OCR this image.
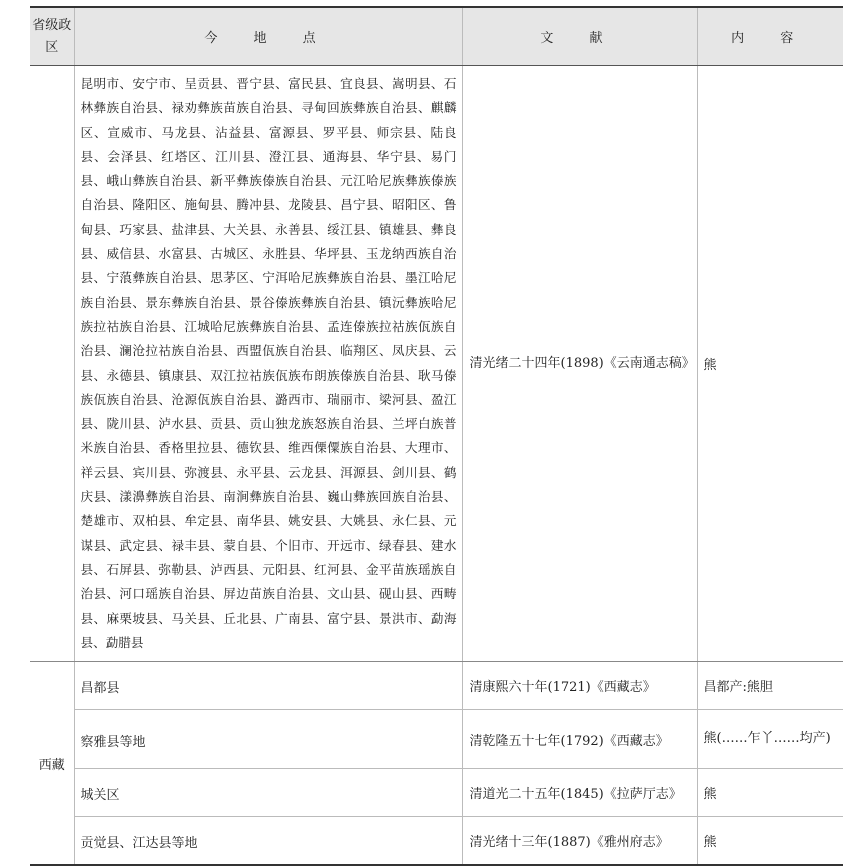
省级政区	今 地 点	文 献	内 容
	昆明市、安宁市、呈贡县、晋宁县、富民县、宜良县、嵩明县、石林彝族自治县、禄劝彝族苗族自治县、寻甸回族彝族自治县、麒麟区、宣威市、马龙县、沾益县、富源县、罗平县、师宗县、陆良县、会泽县、红塔区、江川县、澄江县、通海县、华宁县、易门县、峨山彝族自治县、新平彝族傣族自治县、元江哈尼族彝族傣族自治县、隆阳区、施甸县、腾冲县、龙陵县、昌宁县、昭阳区、鲁甸县、巧家县、盐津县、大关县、永善县、绥江县、镇雄县、彝良县、威信县、水富县、古城区、永胜县、华坪县、玉龙纳西族自治县、宁蒗彝族自治县、思茅区、宁洱哈尼族彝族自治县、墨江哈尼族自治县、景东彝族自治县、景谷傣族彝族自治县、镇沅彝族哈尼族拉祜族自治县、江城哈尼族彝族自治县、孟连傣族拉祜族佤族自治县、澜沧拉祜族自治县、西盟佤族自治县、临翔区、凤庆县、云县、永德县、镇康县、双江拉祜族佤族布朗族傣族自治县、耿马傣族佤族自治县、沧源佤族自治县、潞西市、瑞丽市、梁河县、盈江县、陇川县、泸水县、贡县、贡山独龙族怒族自治县、兰坪白族普米族自治县、香格里拉县、德钦县、维西傈僳族自治县、大理市、祥云县、宾川县、弥渡县、永平县、云龙县、洱源县、剑川县、鹤庆县、漾濞彝族自治县、南涧彝族自治县、巍山彝族回族自治县、楚雄市、双柏县、牟定县、南华县、姚安县、大姚县、永仁县、元谋县、武定县、禄丰县、蒙自县、个旧市、开远市、绿春县、建水县、石屏县、弥勒县、泸西县、元阳县、红河县、金平苗族瑶族自治县、河口瑶族自治县、屏边苗族自治县、文山县、砚山县、西畴县、麻栗坡县、马关县、丘北县、广南县、富宁县、景洪市、勐海县、勐腊县	清光绪二十四年(1898)《云南通志稿》	熊
西藏	昌都县	清康熙六十年(1721)《西藏志》	昌都产:熊胆
	察雅县等地	清乾隆五十七年(1792)《西藏志》	熊(……乍丫……均产)
	城关区	清道光二十五年(1845)《拉萨厅志》	熊
	贡觉县、江达县等地	清光绪十三年(1887)《雅州府志》	熊
